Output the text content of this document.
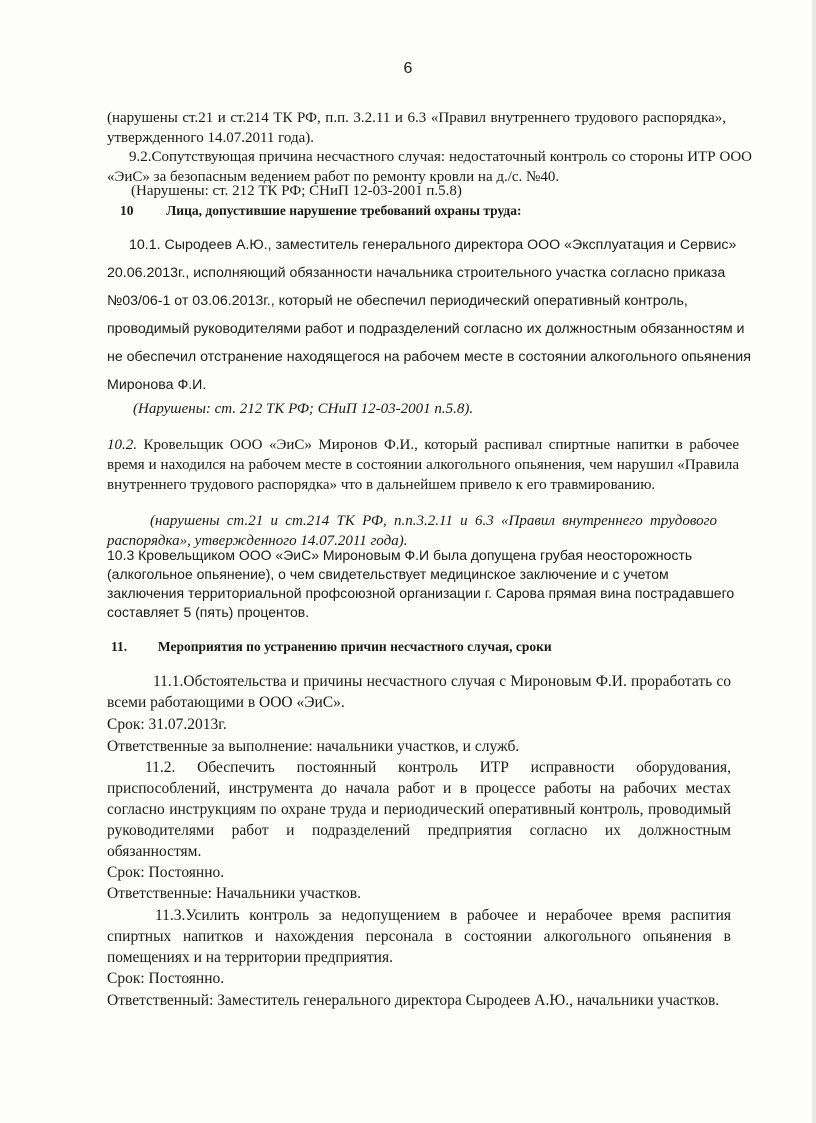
6

(нарушены ст.21 и ст.214 ТК РФ, п.п. 3.2.11 и 6.3 «Правил внутреннего трудового распорядка», утвержденного 14.07.2011 года).

9.2.Сопутствующая причина несчастного случая: недостаточный контроль со стороны ИТР ООО «ЭиС» за безопасным ведением работ по ремонту кровли на д./с. №40.

(Нарушены: ст. 212 ТК РФ; СНиП 12-03-2001 п.5.8)

10 Лица, допустившие нарушение требований охраны труда:

10.1. Сыродеев А.Ю., заместитель генерального директора ООО «Эксплуатация и Сервис» 20.06.2013г., исполняющий обязанности начальника строительного участка согласно приказа №03/06-1 от 03.06.2013г., который не обеспечил периодический оперативный контроль, проводимый руководителями работ и подразделений согласно их должностным обязанностям и не обеспечил отстранение находящегося на рабочем месте в состоянии алкогольного опьянения Миронова Ф.И.

(Нарушены: ст. 212 ТК РФ; СНиП 12-03-2001 п.5.8).

10.2. Кровельщик ООО «ЭиС» Миронов Ф.И., который распивал спиртные напитки в рабочее время и находился на рабочем месте в состоянии алкогольного опьянения, чем нарушил «Правила внутреннего трудового распорядка» что в дальнейшем привело к его травмированию.

(нарушены ст.21 и ст.214 ТК РФ, п.п.3.2.11 и 6.3 «Правил внутреннего трудового распорядка», утвержденного 14.07.2011 года).

10.3 Кровельщиком ООО «ЭиС» Мироновым Ф.И была допущена грубая неосторожность (алкогольное опьянение), о чем свидетельствует медицинское заключение и с учетом заключения территориальной профсоюзной организации г. Сарова прямая вина пострадавшего составляет 5 (пять) процентов.

11. Мероприятия по устранению причин несчастного случая, сроки

11.1.Обстоятельства и причины несчастного случая с Мироновым Ф.И. проработать со всеми работающими в ООО «ЭиС».

Срок: 31.07.2013г.

Ответственные за выполнение: начальники участков, и служб.

11.2. Обеспечить постоянный контроль ИТР исправности оборудования, приспособлений, инструмента до начала работ и в процессе работы на рабочих местах согласно инструкциям по охране труда и периодический оперативный контроль, проводимый руководителями работ и подразделений предприятия согласно их должностным обязанностям.

Срок: Постоянно.

Ответственные: Начальники участков.

11.3.Усилить контроль за недопущением в рабочее и нерабочее время распития спиртных напитков и нахождения персонала в состоянии алкогольного опьянения в помещениях и на территории предприятия.

Срок: Постоянно.

Ответственный: Заместитель генерального директора Сыродеев А.Ю., начальники участков.
